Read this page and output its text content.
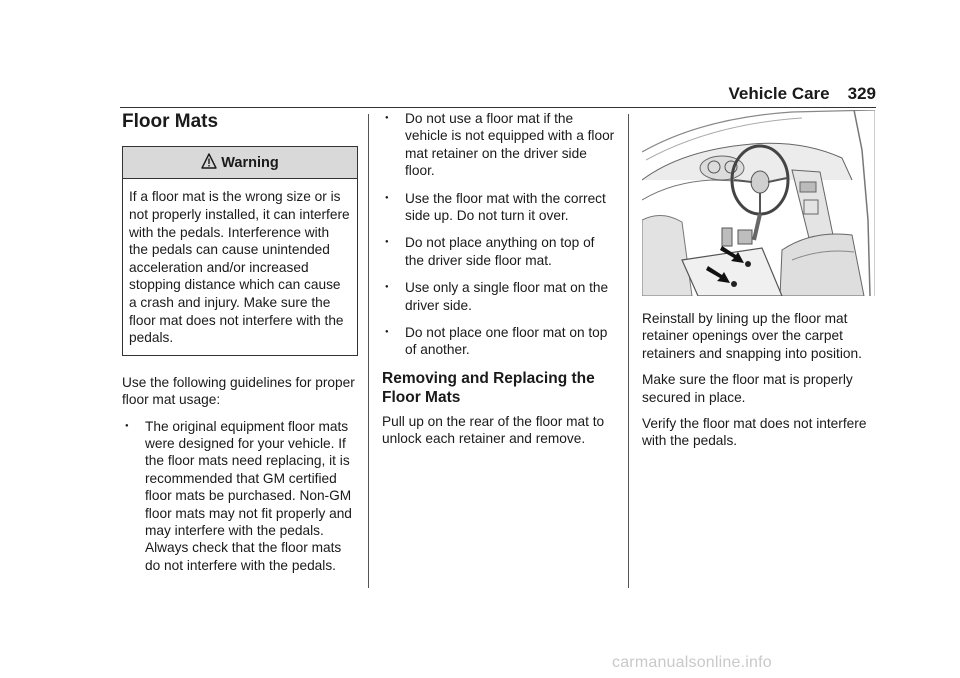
Vehicle Care 329
Floor Mats
Warning
If a floor mat is the wrong size or is not properly installed, it can interfere with the pedals. Interference with the pedals can cause unintended acceleration and/or increased stopping distance which can cause a crash and injury. Make sure the floor mat does not interfere with the pedals.

Use the following guidelines for proper floor mat usage:

● The original equipment floor mats were designed for your vehicle. If the floor mats need replacing, it is recommended that GM certified floor mats be purchased. Non-GM floor mats may not fit properly and may interfere with the pedals. Always check that the floor mats do not interfere with the pedals.
● Do not use a floor mat if the vehicle is not equipped with a floor mat retainer on the driver side floor.
● Use the floor mat with the correct side up. Do not turn it over.
● Do not place anything on top of the driver side floor mat.
● Use only a single floor mat on the driver side.
● Do not place one floor mat on top of another.
Removing and Replacing the Floor Mats

Pull up on the rear of the floor mat to unlock each retainer and remove.

Reinstall by lining up the floor mat retainer openings over the carpet retainers and snapping into position.

Make sure the floor mat is properly secured in place.

Verify the floor mat does not interfere with the pedals.

carmanualsonline.info
